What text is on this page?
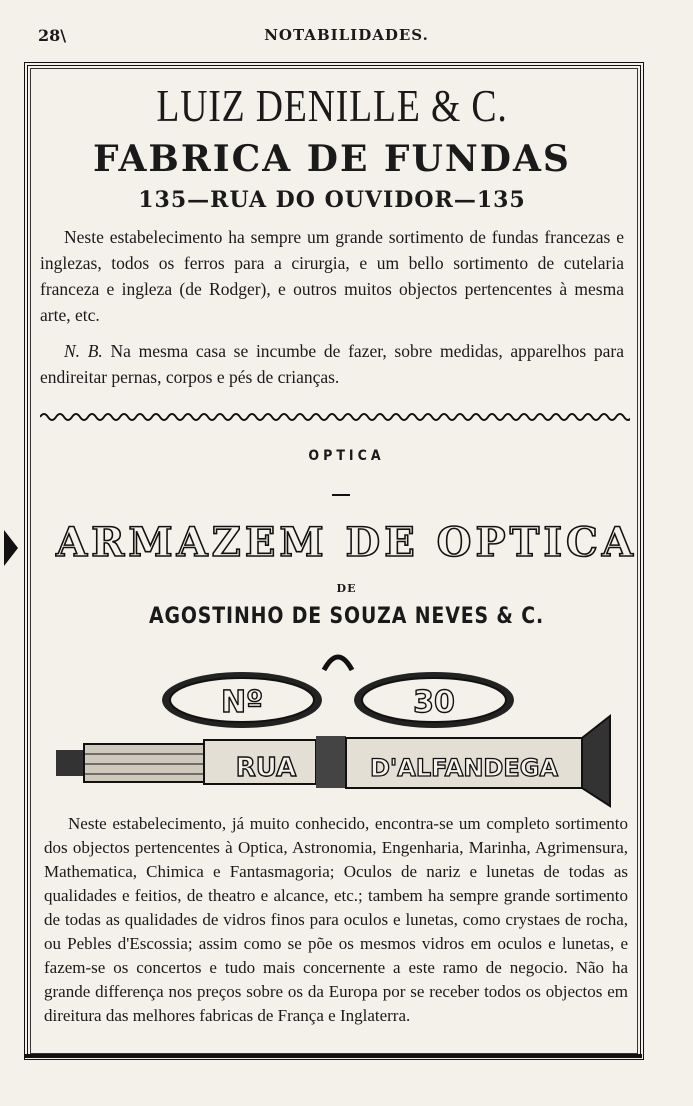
28\	NOTABILIDADES.
LUIZ DENILLE & C.
FABRICA DE FUNDAS
135—RUA DO OUVIDOR—135

Neste estabelecimento ha sempre um grande sortimento de fundas francezas e inglezas, todos os ferros para a cirurgia, e um bello sortimento de cutelaria franceza e ingleza (de Rodger), e outros muitos objectos pertencentes à mesma arte, etc.

N. B. Na mesma casa se incumbe de fazer, sobre medidas, apparelhos para endireitar pernas, corpos e pés de crianças.

OPTICA
ARMAZEM DE OPTICA
DE
AGOSTINHO DE SOUZA NEVES & C.
Nº	30
RUA	D'ALFANDEGA

Neste estabelecimento, já muito conhecido, encontra-se um completo sortimento dos objectos pertencentes à Optica, Astronomia, Engenharia, Marinha, Agrimensura, Mathematica, Chimica e Fantasmagoria; Oculos de nariz e lunetas de todas as qualidades e feitios, de theatro e alcance, etc.; tambem ha sempre grande sortimento de todas as qualidades de vidros finos para oculos e lunetas, como crystaes de rocha, ou Pebles d'Escossia; assim como se põe os mesmos vidros em oculos e lunetas, e fazem-se os concertos e tudo mais concernente a este ramo de negocio. Não ha grande differença nos preços sobre os da Europa por se receber todos os objectos em direitura das melhores fabricas de França e Inglaterra.
